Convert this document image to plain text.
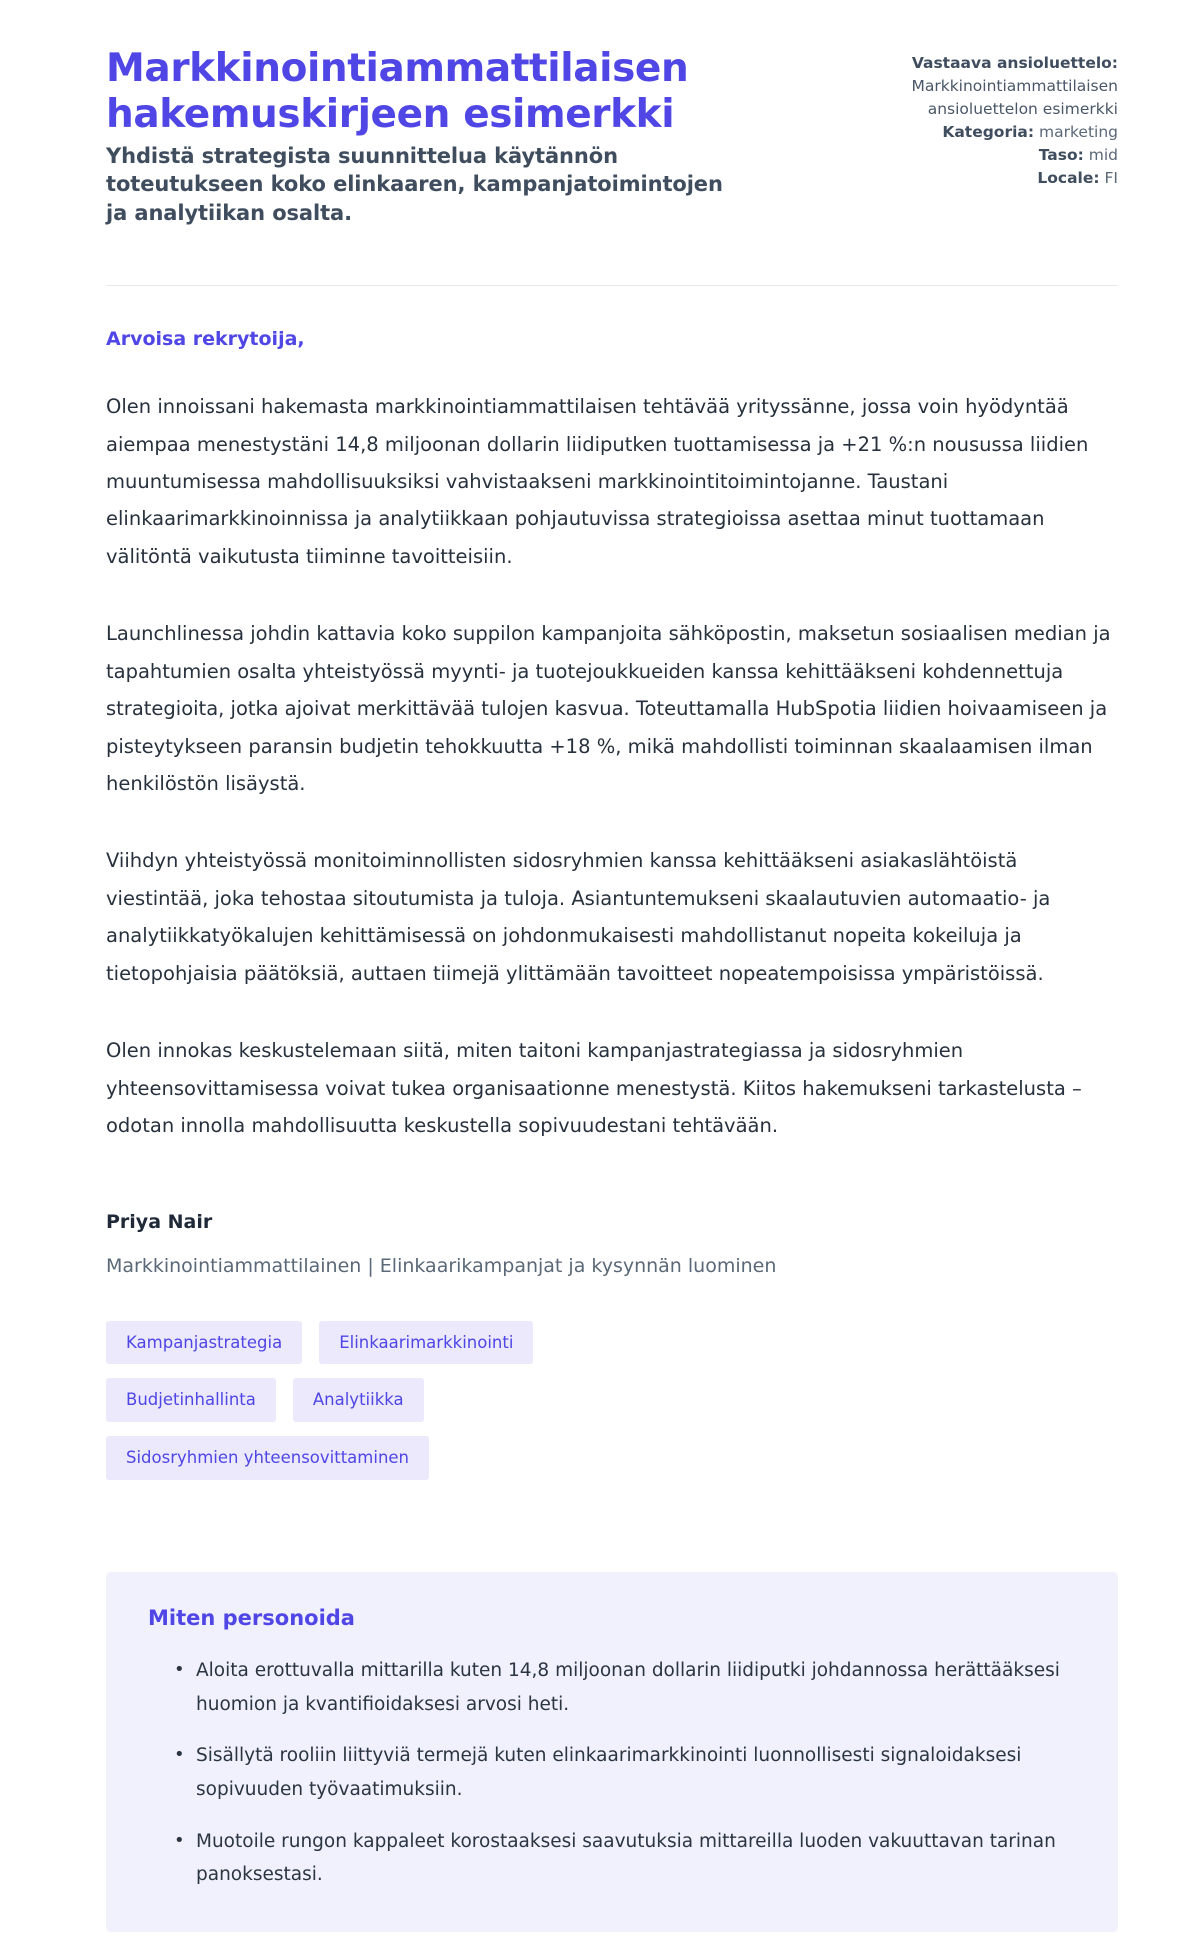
Markkinointiammattilaisen hakemuskirjeen esimerkki

Yhdistä strategista suunnittelua käytännön toteutukseen koko elinkaaren, kampanjatoimintojen ja analytiikan osalta.

Vastaava ansioluettelo:
Markkinointiammattilaisen ansioluettelon esimerkki
Kategoria: marketing
Taso: mid
Locale: FI

Arvoisa rekrytoija,

Olen innoissani hakemasta markkinointiammattilaisen tehtävää yrityssänne, jossa voin hyödyntää aiempaa menestystäni 14,8 miljoonan dollarin liidiputken tuottamisessa ja +21 %:n nousussa liidien muuntumisessa mahdollisuuksiksi vahvistaakseni markkinointitoimintojanne. Taustani elinkaarimarkkinoinnissa ja analytiikkaan pohjautuvissa strategioissa asettaa minut tuottamaan välitöntä vaikutusta tiiminne tavoitteisiin.

Launchlinessa johdin kattavia koko suppilon kampanjoita sähköpostin, maksetun sosiaalisen median ja tapahtumien osalta yhteistyössä myynti- ja tuotejoukkueiden kanssa kehittääkseni kohdennettuja strategioita, jotka ajoivat merkittävää tulojen kasvua. Toteuttamalla HubSpotia liidien hoivaamiseen ja pisteytykseen paransin budjetin tehokkuutta +18 %, mikä mahdollisti toiminnan skaalaamisen ilman henkilöstön lisäystä.

Viihdyn yhteistyössä monitoiminnollisten sidosryhmien kanssa kehittääkseni asiakaslähtöistä viestintää, joka tehostaa sitoutumista ja tuloja. Asiantuntemukseni skaalautuvien automaatio- ja analytiikkatyökalujen kehittämisessä on johdonmukaisesti mahdollistanut nopeita kokeiluja ja tietopohjaisia päätöksiä, auttaen tiimejä ylittämään tavoitteet nopeatempoisissa ympäristöissä.

Olen innokas keskustelemaan siitä, miten taitoni kampanjastrategiassa ja sidosryhmien yhteensovittamisessa voivat tukea organisaationne menestystä. Kiitos hakemukseni tarkastelusta – odotan innolla mahdollisuutta keskustella sopivuudestani tehtävään.

Priya Nair

Markkinointiammattilainen | Elinkaarikampanjat ja kysynnän luominen

Kampanjastrategia	Elinkaarimarkkinointi
Budjetinhallinta	Analytiikka
Sidosryhmien yhteensovittaminen
Miten personoida
• Aloita erottuvalla mittarilla kuten 14,8 miljoonan dollarin liidiputki johdannossa herättääksesi huomion ja kvantifioidaksesi arvosi heti.
• Sisällytä rooliin liittyviä termejä kuten elinkaarimarkkinointi luonnollisesti signaloidaksesi sopivuuden työvaatimuksiin.
• Muotoile rungon kappaleet korostaaksesi saavutuksia mittareilla luoden vakuuttavan tarinan panoksestasi.
